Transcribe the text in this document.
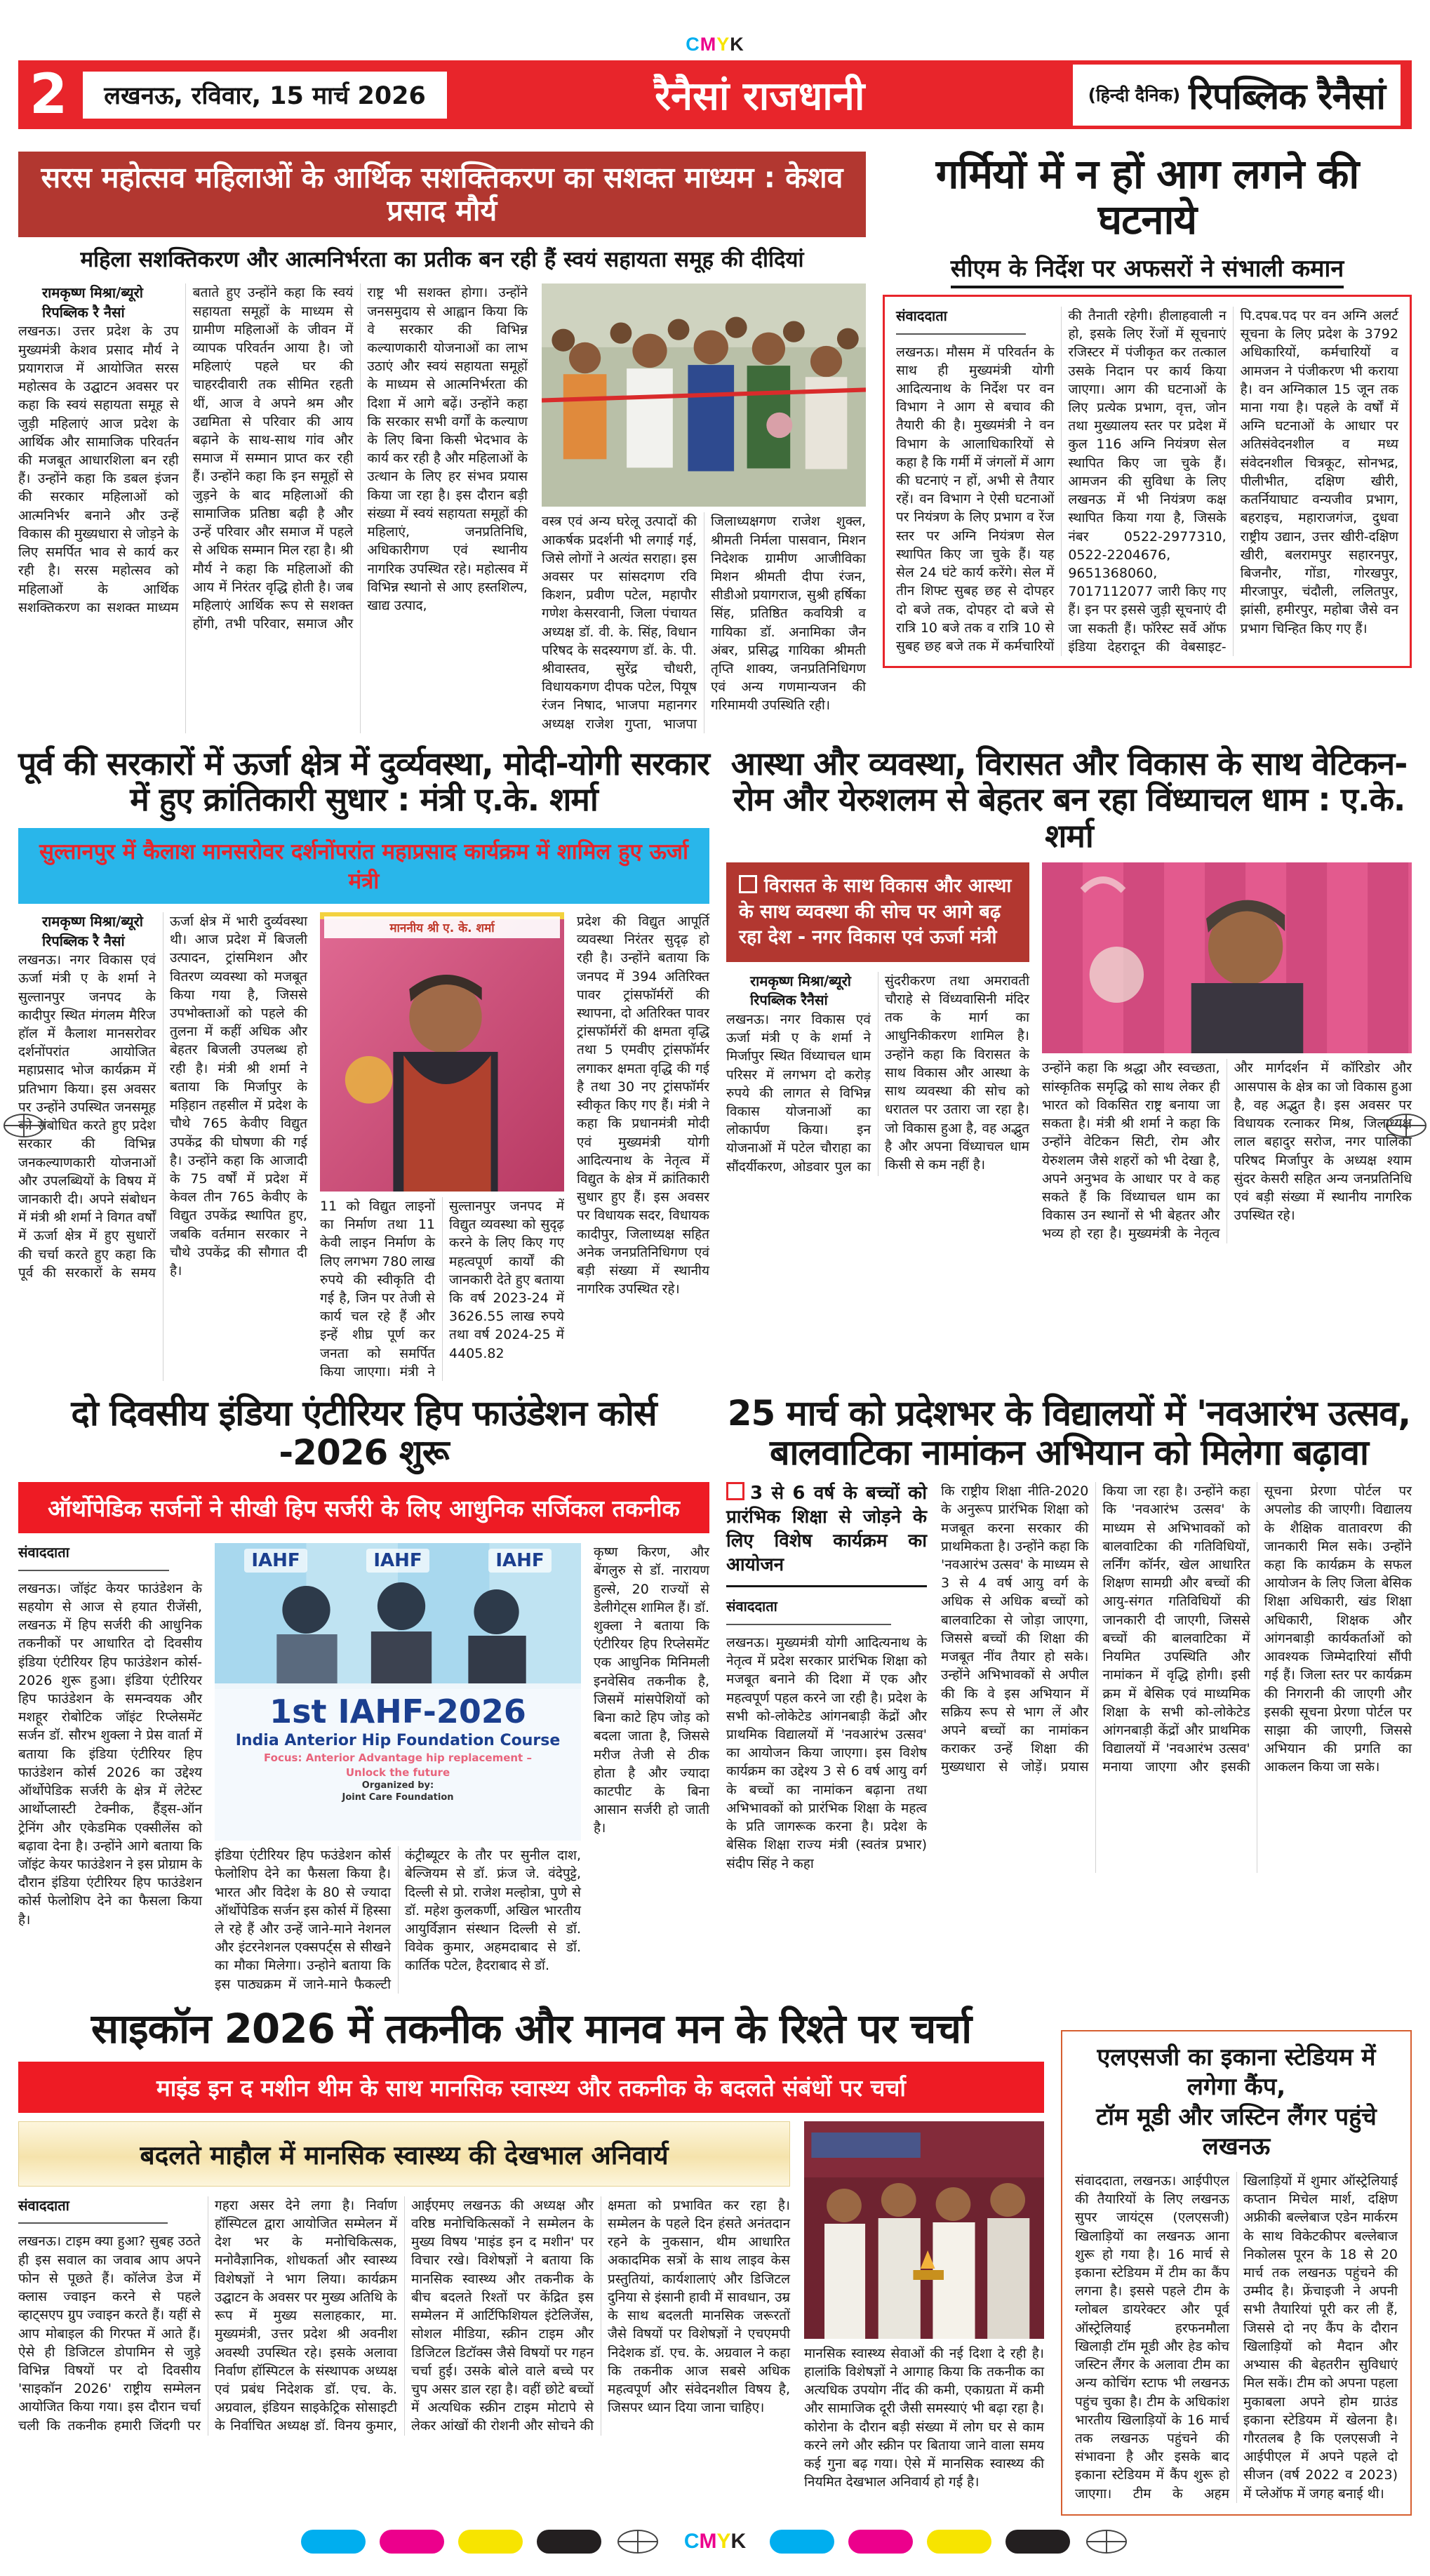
C M Y K
2	लखनऊ, रविवार, 15 मार्च 2026	रैनैसां राजधानी	(हिन्दी दैनिक) रिपब्लिक रैनैसां
सरस महोत्सव महिलाओं के आर्थिक सशक्तिकरण का सशक्त माध्यम : केशव प्रसाद मौर्य
महिला सशक्तिकरण और आत्मनिर्भरता का प्रतीक बन रही हैं स्वयं सहायता समूह की दीदियां
रामकृष्ण मिश्रा/ब्यूरो
रिपब्लिक रै नैसां
लखनऊ। उत्तर प्रदेश के उप मुख्यमंत्री केशव प्रसाद मौर्य ने प्रयागराज में आयोजित सरस महोत्सव के उद्घाटन अवसर पर कहा कि स्वयं सहायता समूह से जुड़ी महिलाएं आज प्रदेश के आर्थिक और सामाजिक परिवर्तन की मजबूत आधारशिला बन रही हैं। उन्होंने कहा कि डबल इंजन की सरकार महिलाओं को आत्मनिर्भर बनाने और उन्हें विकास की मुख्यधारा से जोड़ने के लिए समर्पित भाव से कार्य कर रही है। सरस महोत्सव को महिलाओं के आर्थिक सशक्तिकरण का सशक्त माध्यम बताते हुए उन्होंने कहा कि स्वयं सहायता समूहों के माध्यम से ग्रामीण महिलाओं के जीवन में व्यापक परिवर्तन आया है। जो महिलाएं पहले घर की चाहरदीवारी तक सीमित रहती थीं, आज वे अपने श्रम और उद्यमिता से परिवार की आय बढ़ाने के साथ-साथ गांव और समाज में सम्मान प्राप्त कर रही हैं। उन्होंने कहा कि इन समूहों से जुड़ने के बाद महिलाओं की सामाजिक प्रतिष्ठा बढ़ी है और उन्हें परिवार और समाज में पहले से अधिक सम्मान मिल रहा है। श्री मौर्य ने कहा कि महिलाओं की आय में निरंतर वृद्धि होती है। जब महिलाएं आर्थिक रूप से सशक्त होंगी, तभी परिवार, समाज और राष्ट्र भी सशक्त होगा। उन्होंने जनसमुदाय से आह्वान किया कि वे सरकार की विभिन्न कल्याणकारी योजनाओं का लाभ उठाएं और स्वयं सहायता समूहों के माध्यम से आत्मनिर्भरता की दिशा में आगे बढ़ें। उन्होंने कहा कि सरकार सभी वर्गों के कल्याण के लिए बिना किसी भेदभाव के कार्य कर रही है और महिलाओं के उत्थान के लिए हर संभव प्रयास किया जा रहा है। इस दौरान बड़ी संख्या में स्वयं सहायता समूहों की महिलाएं, जनप्रतिनिधि, अधिकारीगण एवं स्थानीय नागरिक उपस्थित रहे। महोत्सव में विभिन्न स्थानो से आए हस्तशिल्प, खाद्य उत्पाद,
वस्त्र एवं अन्य घरेलू उत्पादों की आकर्षक प्रदर्शनी भी लगाई गई, जिसे लोगों ने अत्यंत सराहा। इस अवसर पर सांसदगण रवि किशन, प्रवीण पटेल, महापौर गणेश केसरवानी, जिला पंचायत अध्यक्ष डॉ. वी. के. सिंह, विधान परिषद के सदस्यगण डॉ. के. पी. श्रीवास्तव, सुरेंद्र चौधरी, विधायकगण दीपक पटेल, पियूष रंजन निषाद, भाजपा महानगर अध्यक्ष राजेश गुप्ता, भाजपा जिलाध्यक्षगण राजेश शुक्ल, श्रीमती निर्मला पासवान, मिशन निदेशक ग्रामीण आजीविका मिशन श्रीमती दीपा रंजन, सीडीओ प्रयागराज, सुश्री हर्षिका सिंह, प्रतिष्ठित कवयित्री व गायिका डॉ. अनामिका जैन अंबर, प्रसिद्ध गायिका श्रीमती तृप्ति शाक्य, जनप्रतिनिधिगण एवं अन्य गणमान्यजन की गरिमामयी उपस्थिति रही।
गर्मियों में न हों आग लगने की घटनाये
सीएम के निर्देश पर अफसरों ने संभाली कमान
संवाददाता
लखनऊ। मौसम में परिवर्तन के साथ ही मुख्यमंत्री योगी आदित्यनाथ के निर्देश पर वन विभाग ने आग से बचाव की तैयारी की है। मुख्यमंत्री ने वन विभाग के आलाधिकारियों से कहा है कि गर्मी में जंगलों में आग की घटनाएं न हों, अभी से तैयार रहें। वन विभाग ने ऐसी घटनाओं पर नियंत्रण के लिए प्रभाग व रेंज स्तर पर अग्नि नियंत्रण सेल स्थापित किए जा चुके हैं। यह सेल 24 घंटे कार्य करेंगे। सेल में तीन शिफ्ट सुबह छह से दोपहर दो बजे तक, दोपहर दो बजे से रात्रि 10 बजे तक व रात्रि 10 से सुबह छह बजे तक में कर्मचारियों की तैनाती रहेगी। हीलाहवाली न हो, इसके लिए रेंजों में सूचनाएं रजिस्टर में पंजीकृत कर तत्काल उसके निदान पर कार्य किया जाएगा। आग की घटनाओं के लिए प्रत्येक प्रभाग, वृत्त, जोन तथा मुख्यालय स्तर पर प्रदेश में कुल 116 अग्नि नियंत्रण सेल स्थापित किए जा चुके हैं। आमजन की सुविधा के लिए लखनऊ में भी नियंत्रण कक्ष स्थापित किया गया है, जिसके नंबर 0522-2977310, 0522-2204676, 9651368060, 7017112077 जारी किए गए हैं। इन पर इससे जुड़ी सूचनाएं दी जा सकती हैं। फॉरेस्ट सर्वे ऑफ इंडिया देहरादून की वेबसाइट- पि.दपब.पद पर वन अग्नि अलर्ट सूचना के लिए प्रदेश के 3792 अधिकारियों, कर्मचारियों व आमजन ने पंजीकरण भी कराया है। वन अग्निकाल 15 जून तक माना गया है। पहले के वर्षों में अग्नि घटनाओं के आधार पर अतिसंवेदनशील व मध्य संवेदनशील चित्रकूट, सोनभद्र, पीलीभीत, दक्षिण खीरी, कतर्नियाघाट वन्यजीव प्रभाग, बहराइच, महाराजगंज, दुधवा राष्ट्रीय उद्यान, उत्तर खीरी-दक्षिण खीरी, बलरामपुर सहारनपुर, बिजनौर, गोंडा, गोरखपुर, मीरजापुर, चंदौली, ललितपुर, झांसी, हमीरपुर, महोबा जैसे वन प्रभाग चिन्हित किए गए हैं।
पूर्व की सरकारों में ऊर्जा क्षेत्र में दुर्व्यवस्था, मोदी-योगी सरकार में हुए क्रांतिकारी सुधार : मंत्री ए.के. शर्मा
सुल्तानपुर में कैलाश मानसरोवर दर्शनोंपरांत महाप्रसाद कार्यक्रम में शामिल हुए ऊर्जा मंत्री
रामकृष्ण मिश्रा/ब्यूरो
रिपब्लिक रै नैसां
लखनऊ। नगर विकास एवं ऊर्जा मंत्री ए के शर्मा ने सुल्तानपुर जनपद के कादीपुर स्थित मंगलम मैरिज हॉल में कैलाश मानसरोवर दर्शनोंपरांत आयोजित महाप्रसाद भोज कार्यक्रम में प्रतिभाग किया। इस अवसर पर उन्होंने उपस्थित जनसमूह को संबोधित करते हुए प्रदेश सरकार की विभिन्न जनकल्याणकारी योजनाओं और उपलब्धियों के विषय में जानकारी दी। अपने संबोधन में मंत्री श्री शर्मा ने विगत वर्षों में ऊर्जा क्षेत्र में हुए सुधारों की चर्चा करते हुए कहा कि पूर्व की सरकारों के समय ऊर्जा क्षेत्र में भारी दुर्व्यवस्था थी। आज प्रदेश में बिजली उत्पादन, ट्रांसमिशन और वितरण व्यवस्था को मजबूत किया गया है, जिससे उपभोक्ताओं को पहले की तुलना में कहीं अधिक और बेहतर बिजली उपलब्ध हो रही है। मंत्री श्री शर्मा ने बताया कि मिर्जापुर के मड़िहान तहसील में प्रदेश के चौथे 765 केवीए विद्युत उपकेंद्र की घोषणा की गई है। उन्होंने कहा कि आजादी के 75 वर्षों में प्रदेश में केवल तीन 765 केवीए के विद्युत उपकेंद्र स्थापित हुए, जबकि वर्तमान सरकार ने चौथे उपकेंद्र की सौगात दी है।
माननीय श्री ए. के. शर्मा
11 को विद्युत लाइनों का निर्माण तथा 11 केवी लाइन निर्माण के लिए लगभग 780 लाख रुपये की स्वीकृति दी गई है, जिन पर तेजी से कार्य चल रहे हैं और इन्हें शीघ्र पूर्ण कर जनता को समर्पित किया जाएगा। मंत्री ने सुल्तानपुर जनपद में विद्युत व्यवस्था को सुदृढ़ करने के लिए किए गए महत्वपूर्ण कार्यों की जानकारी देते हुए बताया कि वर्ष 2023-24 में 3626.55 लाख रुपये तथा वर्ष 2024-25 में 4405.82
प्रदेश की विद्युत आपूर्ति व्यवस्था निरंतर सुदृढ़ हो रही है। उन्होंने बताया कि जनपद में 394 अतिरिक्त पावर ट्रांसफॉर्मरों की स्थापना, दो अतिरिक्त पावर ट्रांसफॉर्मरों की क्षमता वृद्धि तथा 5 एमवीए ट्रांसफॉर्मर लगाकर क्षमता वृद्धि की गई है तथा 30 नए ट्रांसफॉर्मर स्वीकृत किए गए हैं। मंत्री ने कहा कि प्रधानमंत्री मोदी एवं मुख्यमंत्री योगी आदित्यनाथ के नेतृत्व में विद्युत के क्षेत्र में क्रांतिकारी सुधार हुए हैं। इस अवसर पर विधायक सदर, विधायक कादीपुर, जिलाध्यक्ष सहित अनेक जनप्रतिनिधिगण एवं बड़ी संख्या में स्थानीय नागरिक उपस्थित रहे।
आस्था और व्यवस्था, विरासत और विकास के साथ वेटिकन-रोम और येरुशलम से बेहतर बन रहा विंध्याचल धाम : ए.के. शर्मा
विरासत के साथ विकास और आस्था के साथ व्यवस्था की सोच पर आगे बढ़ रहा देश - नगर विकास एवं ऊर्जा मंत्री
रामकृष्ण मिश्रा/ब्यूरो
रिपब्लिक रैनैसां
लखनऊ। नगर विकास एवं ऊर्जा मंत्री ए के शर्मा ने मिर्जापुर स्थित विंध्याचल धाम परिसर में लगभग दो करोड़ रुपये की लागत से विभिन्न विकास योजनाओं का लोकार्पण किया। इन योजनाओं में पटेल चौराहा का सौंदर्यीकरण, ओडवार पुल का सुंदरीकरण तथा अमरावती चौराहे से विंध्यवासिनी मंदिर तक के मार्ग का आधुनिकीकरण शामिल है। उन्होंने कहा कि विरासत के साथ विकास और आस्था के साथ व्यवस्था की सोच को धरातल पर उतारा जा रहा है। जो विकास हुआ है, वह अद्भुत है और अपना विंध्याचल धाम किसी से कम नहीं है।
उन्होंने कहा कि श्रद्धा और स्वच्छता, सांस्कृतिक समृद्धि को साथ लेकर ही भारत को विकसित राष्ट्र बनाया जा सकता है। मंत्री श्री शर्मा ने कहा कि उन्होंने वेटिकन सिटी, रोम और येरुशलम जैसे शहरों को भी देखा है, अपने अनुभव के आधार पर वे कह सकते हैं कि विंध्याचल धाम का विकास उन स्थानों से भी बेहतर और भव्य हो रहा है। मुख्यमंत्री के नेतृत्व और मार्गदर्शन में कॉरिडोर और आसपास के क्षेत्र का जो विकास हुआ है, वह अद्भुत है। इस अवसर पर विधायक रत्नाकर मिश्र, जिलाध्यक्ष लाल बहादुर सरोज, नगर पालिका परिषद मिर्जापुर के अध्यक्ष श्याम सुंदर केसरी सहित अन्य जनप्रतिनिधि एवं बड़ी संख्या में स्थानीय नागरिक उपस्थित रहे।
दो दिवसीय इंडिया एंटीरियर हिप फाउंडेशन कोर्स -2026 शुरू
ऑर्थोपेडिक सर्जनों ने सीखी हिप सर्जरी के लिए आधुनिक सर्जिकल तकनीक
संवाददाता
लखनऊ। जॉइंट केयर फाउंडेशन के सहयोग से आज से हयात रीजेंसी, लखनऊ में हिप सर्जरी की आधुनिक तकनीकों पर आधारित दो दिवसीय इंडिया एंटीरियर हिप फाउंडेशन कोर्स- 2026 शुरू हुआ। इंडिया एंटीरियर हिप फाउंडेशन के समन्वयक और मशहूर रोबोटिक जॉइंट रिप्लेसमेंट सर्जन डॉ. सौरभ शुक्ला ने प्रेस वार्ता में बताया कि इंडिया एंटीरियर हिप फाउंडेशन कोर्स 2026 का उद्देश्य ऑर्थोपेडिक सर्जरी के क्षेत्र में लेटेस्ट आर्थोप्लास्टी टेक्नीक, हैंड्स-ऑन ट्रेनिंग और एकेडमिक एक्सीलेंस को बढ़ावा देना है। उन्होंने आगे बताया कि जॉइंट केयर फाउंडेशन ने इस प्रोग्राम के दौरान इंडिया एंटीरियर हिप फाउंडेशन कोर्स फेलोशिप देने का फैसला किया है।
IAHF	IAHF	IAHF
1st IAHF-2026
India Anterior Hip Foundation Course
Focus: Anterior Advantage hip replacement –
Unlock the future
Organized by:
Joint Care Foundation
इंडिया एंटीरियर हिप फउंडेशन कोर्स फेलोशिप देने का फैसला किया है। भारत और विदेश के 80 से ज्यादा ऑर्थोपेडिक सर्जन इस कोर्स में हिस्सा ले रहे हैं और उन्हें जाने-माने नेशनल और इंटरनेशनल एक्सपर्ट्स से सीखने का मौका मिलेगा। उन्होने बताया कि इस पाठ्यक्रम में जाने-माने फैकल्टी कंट्रीब्यूटर के तौर पर सुनील दाश, बेल्जियम से डॉ. फ्रंज जे. वंदेपुट्टे, दिल्ली से प्रो. राजेश मल्होत्रा, पुणे से डॉ. महेश कुलकर्णी, अखिल भारतीय आयुर्विज्ञान संस्थान दिल्ली से डॉ. विवेक कुमार, अहमदाबाद से डॉ. कार्तिक पटेल, हैदराबाद से डॉ.
कृष्ण किरण, और बेंगलुरु से डॉ. नारायण हुल्से, 20 राज्यों से डेलीगेट्स शामिल हैं। डॉ. शुक्ला ने बताया कि एंटीरियर हिप रिप्लेसमेंट एक आधुनिक मिनिमली इनवेसिव तकनीक है, जिसमें मांसपेशियों को बिना काटे हिप जोड़ को बदला जाता है, जिससे मरीज तेजी से ठीक होता है और ज्यादा काटपीट के बिना आसान सर्जरी हो जाती है।
25 मार्च को प्रदेशभर के विद्यालयों में 'नवआरंभ उत्सव, बालवाटिका नामांकन अभियान को मिलेगा बढ़ावा
3 से 6 वर्ष के बच्चों को प्रारंभिक शिक्षा से जोड़ने के लिए विशेष कार्यक्रम का आयोजन
संवाददाता
लखनऊ। मुख्यमंत्री योगी आदित्यनाथ के नेतृत्व में प्रदेश सरकार प्रारंभिक शिक्षा को मजबूत बनाने की दिशा में एक और महत्वपूर्ण पहल करने जा रही है। प्रदेश के सभी को-लोकेटेड आंगनबाड़ी केंद्रों और प्राथमिक विद्यालयों में 'नवआरंभ उत्सव' का आयोजन किया जाएगा। इस विशेष कार्यक्रम का उद्देश्य 3 से 6 वर्ष आयु वर्ग के बच्चों का नामांकन बढ़ाना तथा अभिभावकों को प्रारंभिक शिक्षा के महत्व के प्रति जागरूक करना है। प्रदेश के बेसिक शिक्षा राज्य मंत्री (स्वतंत्र प्रभार) संदीप सिंह ने कहा
कि राष्ट्रीय शिक्षा नीति-2020 के अनुरूप प्रारंभिक शिक्षा को मजबूत करना सरकार की प्राथमिकता है। उन्होंने कहा कि 'नवआरंभ उत्सव' के माध्यम से 3 से 4 वर्ष आयु वर्ग के अधिक से अधिक बच्चों को बालवाटिका से जोड़ा जाएगा, जिससे बच्चों की शिक्षा की मजबूत नींव तैयार हो सके। उन्होंने अभिभावकों से अपील की कि वे इस अभियान में सक्रिय रूप से भाग लें और अपने बच्चों का नामांकन कराकर उन्हें शिक्षा की मुख्यधारा से जोड़ें। प्रयास किया जा रहा है। उन्होंने कहा कि 'नवआरंभ उत्सव' के माध्यम से अभिभावकों को बालवाटिका की गतिविधियों, लर्निंग कॉर्नर, खेल आधारित शिक्षण सामग्री और बच्चों की आयु-संगत गतिविधियों की जानकारी दी जाएगी, जिससे बच्चों की बालवाटिका में नियमित उपस्थिति और नामांकन में वृद्धि होगी। इसी क्रम में बेसिक एवं माध्यमिक शिक्षा के सभी को-लोकेटेड आंगनबाड़ी केंद्रों और प्राथमिक विद्यालयों में 'नवआरंभ उत्सव' मनाया जाएगा और इसकी सूचना प्रेरणा पोर्टल पर अपलोड की जाएगी। विद्यालय के शैक्षिक वातावरण की जानकारी मिल सके। उन्होंने कहा कि कार्यक्रम के सफल आयोजन के लिए जिला बेसिक शिक्षा अधिकारी, खंड शिक्षा अधिकारी, शिक्षक और आंगनबाड़ी कार्यकर्ताओं को आवश्यक जिम्मेदारियां सौंपी गई हैं। जिला स्तर पर कार्यक्रम की निगरानी की जाएगी और इसकी सूचना प्रेरणा पोर्टल पर साझा की जाएगी, जिससे अभियान की प्रगति का आकलन किया जा सके।
साइकॉन 2026 में तकनीक और मानव मन के रिश्ते पर चर्चा
माइंड इन द मशीन थीम के साथ मानसिक स्वास्थ्य और तकनीक के बदलते संबंधों पर चर्चा
बदलते माहौल में मानसिक स्वास्थ्य की देखभाल अनिवार्य
संवाददाता
लखनऊ। टाइम क्या हुआ? सुबह उठते ही इस सवाल का जवाब आप अपने फोन से पूछते हैं। कॉलेज डेज में क्लास ज्वाइन करने से पहले व्हाट्सएप ग्रुप ज्वाइन करते हैं। यहीं से आप मोबाइल की गिरफ्त में आते हैं। ऐसे ही डिजिटल डोपामिन से जुड़े विभिन्न विषयों पर दो दिवसीय 'साइकॉन 2026' राष्ट्रीय सम्मेलन आयोजित किया गया। इस दौरान चर्चा चली कि तकनीक हमारी जिंदगी पर गहरा असर देने लगा है। निर्वाण हॉस्पिटल द्वारा आयोजित सम्मेलन में देश भर के मनोचिकित्सक, मनोवैज्ञानिक, शोधकर्ता और स्वास्थ्य विशेषज्ञों ने भाग लिया। कार्यक्रम उद्घाटन के अवसर पर मुख्य अतिथि के रूप में मुख्य सलाहकार, मा. मुख्यमंत्री, उत्तर प्रदेश श्री अवनीश अवस्थी उपस्थित रहे। इसके अलावा निर्वाण हॉस्पिटल के संस्थापक अध्यक्ष एवं प्रबंध निदेशक डॉ. एच. के. अग्रवाल, इंडियन साइकेट्रिक सोसाइटी के निर्वाचित अध्यक्ष डॉ. विनय कुमार, आईएमए लखनऊ की अध्यक्ष और वरिष्ठ मनोचिकित्सकों ने सम्मेलन के मुख्य विषय 'माइंड इन द मशीन' पर विचार रखे। विशेषज्ञों ने बताया कि मानसिक स्वास्थ्य और तकनीक के बीच बदलते रिश्तों पर केंद्रित इस सम्मेलन में आर्टिफिशियल इंटेलिजेंस, सोशल मीडिया, स्क्रीन टाइम और डिजिटल डिटॉक्स जैसे विषयों पर गहन चर्चा हुई। उसके बोले वाले बच्चे पर चुप असर डाल रहा है। वहीं छोटे बच्चों में अत्यधिक स्क्रीन टाइम मोटापे से लेकर आंखों की रोशनी और सोचने की क्षमता को प्रभावित कर रहा है। सम्मेलन के पहले दिन हंसते अनंतदान रहने के नुकसान, थीम आधारित अकादमिक सत्रों के साथ लाइव केस प्रस्तुतियां, कार्यशालाएं और डिजिटल दुनिया से इंसानी हावी में सावधान, उम्र के साथ बदलती मानसिक जरूरतों जैसे विषयों पर विशेषज्ञों ने एचएमपी निदेशक डॉ. एच. के. अग्रवाल ने कहा कि तकनीक आज सबसे अधिक महत्वपूर्ण और संवेदनशील विषय है, जिसपर ध्यान दिया जाना चाहिए।
मानसिक स्वास्थ्य सेवाओं की नई दिशा दे रही है। हालांकि विशेषज्ञों ने आगाह किया कि तकनीक का अत्यधिक उपयोग नींद की कमी, एकाग्रता में कमी और सामाजिक दूरी जैसी समस्याएं भी बढ़ा रहा है। कोरोना के दौरान बड़ी संख्या में लोग घर से काम करने लगे और स्क्रीन पर बिताया जाने वाला समय कई गुना बढ़ गया। ऐसे में मानसिक स्वास्थ्य की नियमित देखभाल अनिवार्य हो गई है।
एलएसजी का इकाना स्टेडियम में लगेगा कैंप,
टॉम मूडी और जस्टिन लैंगर पहुंचे लखनऊ
संवाददाता, लखनऊ। आईपीएल की तैयारियों के लिए लखनऊ सुपर जायंट्स (एलएसजी) खिलाड़ियों का लखनऊ आना शुरू हो गया है। 16 मार्च से इकाना स्टेडियम में टीम का कैंप लगना है। इससे पहले टीम के ग्लोबल डायरेक्टर और पूर्व ऑस्ट्रेलियाई हरफनमौला खिलाड़ी टॉम मूडी और हेड कोच जस्टिन लैंगर के अलावा टीम का अन्य कोचिंग स्टाफ भी लखनऊ पहुंच चुका है। टीम के अधिकांश भारतीय खिलाड़ियों के 16 मार्च तक लखनऊ पहुंचने की संभावना है और इसके बाद इकाना स्टेडियम में कैंप शुरू हो जाएगा। टीम के अहम खिलाड़ियों में शुमार ऑस्ट्रेलियाई कप्तान मिचेल मार्श, दक्षिण अफ्रीकी बल्लेबाज एडेन मार्करम के साथ विकेटकीपर बल्लेबाज निकोलस पूरन के 18 से 20 मार्च तक लखनऊ पहुंचने की उम्मीद है। फ्रेंचाइजी ने अपनी सभी तैयारियां पूरी कर ली हैं, जिससे दो नए कैंप के दौरान खिलाड़ियों को मैदान और अभ्यास की बेहतरीन सुविधाएं मिल सकें। टीम को अपना पहला मुकाबला अपने होम ग्राउंड इकाना स्टेडियम में खेलना है। गौरतलब है कि एलएसजी ने आईपीएल में अपने पहले दो सीजन (वर्ष 2022 व 2023) में प्लेऑफ में जगह बनाई थी।
CMYK
